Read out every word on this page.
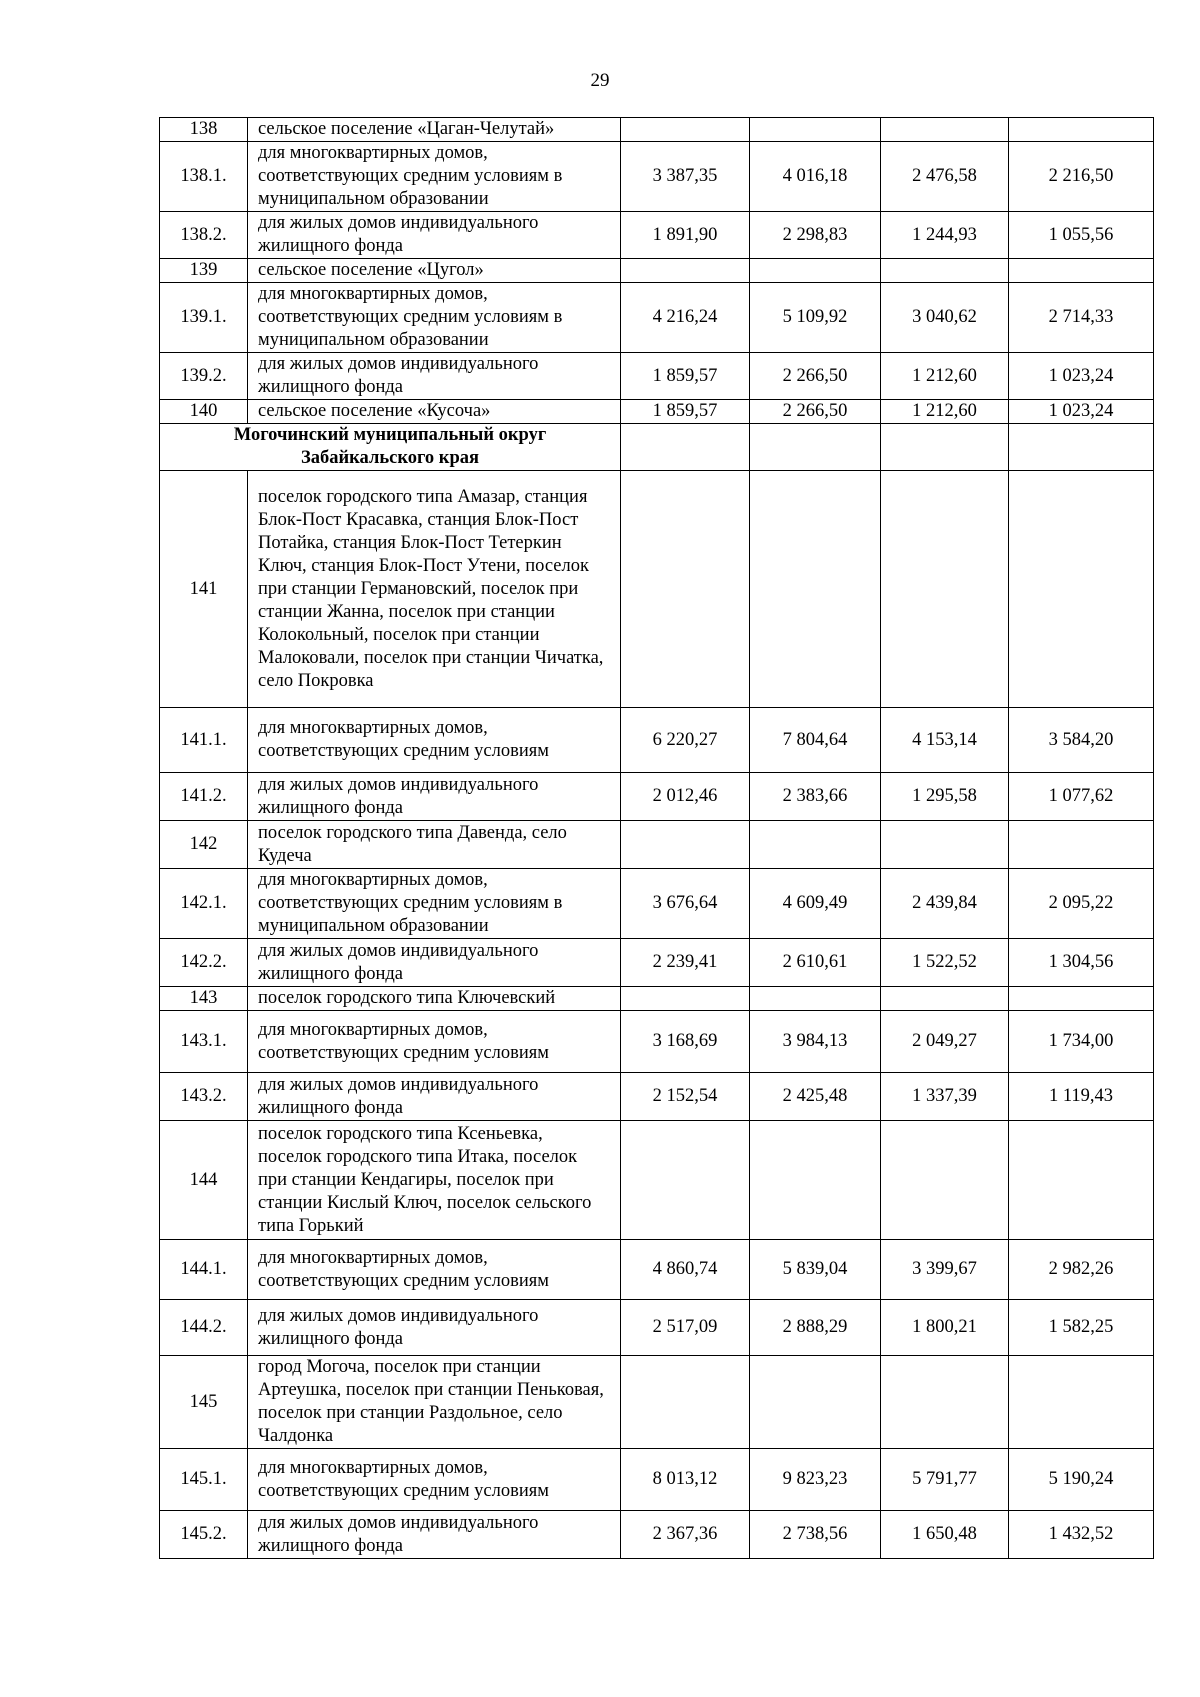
29
138	сельское поселение «Цаган-Челутай»				
138.1.	для многоквартирных домов, соответствующих средним условиям в муниципальном образовании	3 387,35	4 016,18	2 476,58	2 216,50
138.2.	для жилых домов индивидуального жилищного фонда	1 891,90	2 298,83	1 244,93	1 055,56
139	сельское поселение «Цугол»				
139.1.	для многоквартирных домов, соответствующих средним условиям в муниципальном образовании	4 216,24	5 109,92	3 040,62	2 714,33
139.2.	для жилых домов индивидуального жилищного фонда	1 859,57	2 266,50	1 212,60	1 023,24
140	сельское поселение «Кусоча»	1 859,57	2 266,50	1 212,60	1 023,24
Могочинский муниципальный округ Забайкальского края					
141	поселок городского типа Амазар, станция Блок-Пост Красавка, станция Блок-Пост Потайка, станция Блок-Пост Тетеркин Ключ, станция Блок-Пост Утени, поселок при станции Германовский, поселок при станции Жанна, поселок при станции Колокольный, поселок при станции Малоковали, поселок при станции Чичатка, село Покровка				
141.1.	для многоквартирных домов, соответствующих средним условиям	6 220,27	7 804,64	4 153,14	3 584,20
141.2.	для жилых домов индивидуального жилищного фонда	2 012,46	2 383,66	1 295,58	1 077,62
142	поселок городского типа Давенда, село Кудеча				
142.1.	для многоквартирных домов, соответствующих средним условиям в муниципальном образовании	3 676,64	4 609,49	2 439,84	2 095,22
142.2.	для жилых домов индивидуального жилищного фонда	2 239,41	2 610,61	1 522,52	1 304,56
143	поселок городского типа Ключевский				
143.1.	для многоквартирных домов, соответствующих средним условиям	3 168,69	3 984,13	2 049,27	1 734,00
143.2.	для жилых домов индивидуального жилищного фонда	2 152,54	2 425,48	1 337,39	1 119,43
144	поселок городского типа Ксеньевка, поселок городского типа Итака, поселок при станции Кендагиры, поселок при станции Кислый Ключ, поселок сельского типа Горький				
144.1.	для многоквартирных домов, соответствующих средним условиям	4 860,74	5 839,04	3 399,67	2 982,26
144.2.	для жилых домов индивидуального жилищного фонда	2 517,09	2 888,29	1 800,21	1 582,25
145	город Могоча, поселок при станции Артеушка, поселок при станции Пеньковая, поселок при станции Раздольное, село Чалдонка				
145.1.	для многоквартирных домов, соответствующих средним условиям	8 013,12	9 823,23	5 791,77	5 190,24
145.2.	для жилых домов индивидуального жилищного фонда	2 367,36	2 738,56	1 650,48	1 432,52
